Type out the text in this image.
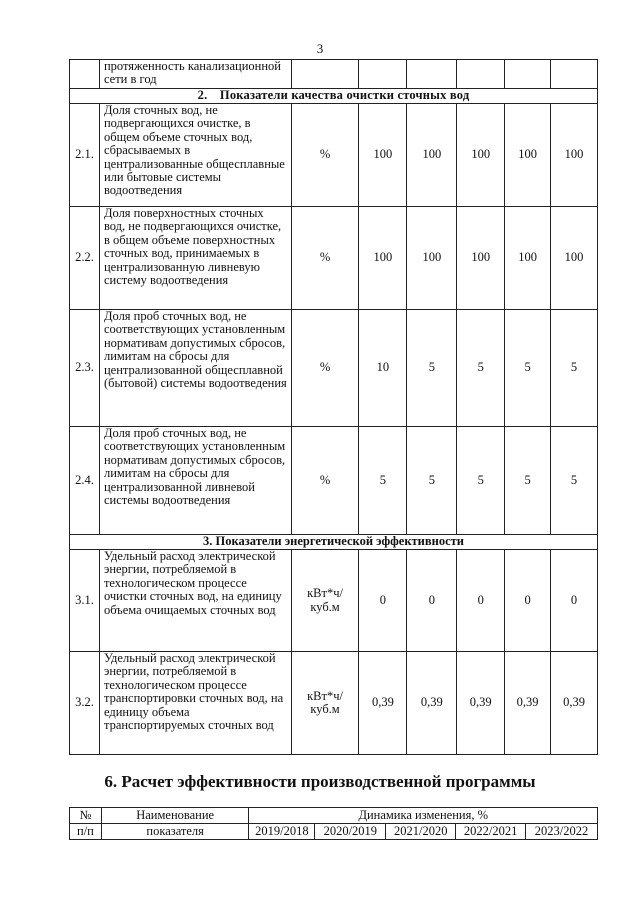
3
	протяженность канализационной сети в год						
2. Показатели качества очистки сточных вод							
2.1.	Доля сточных вод, не подвергающихся очистке, в общем объеме сточных вод, сбрасываемых в централизованные общесплавные или бытовые системы водоотведения	%	100	100	100	100	100
2.2.	Доля поверхностных сточных вод, не подвергающихся очистке, в общем объеме поверхностных сточных вод, принимаемых в централизованную ливневую систему водоотведения	%	100	100	100	100	100
2.3.	Доля проб сточных вод, не соответствующих установленным нормативам допустимых сбросов, лимитам на сбросы для централизованной общесплавной (бытовой) системы водоотведения	%	10	5	5	5	5
2.4.	Доля проб сточных вод, не соответствующих установленным нормативам допустимых сбросов, лимитам на сбросы для централизованной ливневой системы водоотведения	%	5	5	5	5	5
3. Показатели энергетической эффективности							
3.1.	Удельный расход электрической энергии, потребляемой в технологическом процессе очистки сточных вод, на единицу объема очищаемых сточных вод	кВт*ч/ куб.м	0	0	0	0	0
3.2.	Удельный расход электрической энергии, потребляемой в технологическом процессе транспортировки сточных вод, на единицу объема транспортируемых сточных вод	кВт*ч/ куб.м	0,39	0,39	0,39	0,39	0,39
6. Расчет эффективности производственной программы
№	Наименование	Динамика изменения, %				
п/п	показателя	2019/2018	2020/2019	2021/2020	2022/2021	2023/2022
